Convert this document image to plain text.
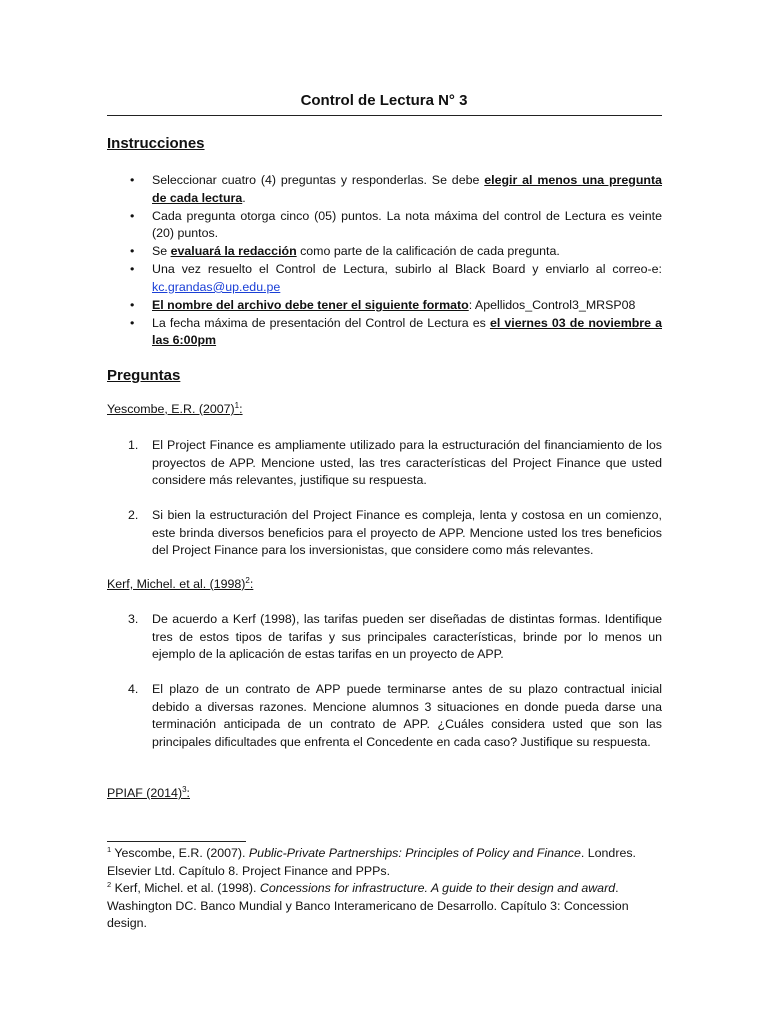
Control de Lectura N° 3
Instrucciones
• Seleccionar cuatro (4) preguntas y responderlas. Se debe elegir al menos una pregunta de cada lectura.
• Cada pregunta otorga cinco (05) puntos. La nota máxima del control de Lectura es veinte (20) puntos.
• Se evaluará la redacción como parte de la calificación de cada pregunta.
• Una vez resuelto el Control de Lectura, subirlo al Black Board y enviarlo al correo-e: kc.grandas@up.edu.pe
• El nombre del archivo debe tener el siguiente formato: Apellidos_Control3_MRSP08
• La fecha máxima de presentación del Control de Lectura es el viernes 03 de noviembre a las 6:00pm
Preguntas
Yescombe, E.R. $(2007)^1$:
1. El Project Finance es ampliamente utilizado para la estructuración del financiamiento de los proyectos de APP. Mencione usted, las tres características del Project Finance que usted considere más relevantes, justifique su respuesta.
2. Si bien la estructuración del Project Finance es compleja, lenta y costosa en un comienzo, este brinda diversos beneficios para el proyecto de APP. Mencione usted los tres beneficios del Project Finance para los inversionistas, que considere como más relevantes.
Kerf, Michel. et al. $(1998)^2$:
3. De acuerdo a Kerf (1998), las tarifas pueden ser diseñadas de distintas formas. Identifique tres de estos tipos de tarifas y sus principales características, brinde por lo menos un ejemplo de la aplicación de estas tarifas en un proyecto de APP.
4. El plazo de un contrato de APP puede terminarse antes de su plazo contractual inicial debido a diversas razones. Mencione alumnos 3 situaciones en donde pueda darse una terminación anticipada de un contrato de APP. ¿Cuáles considera usted que son las principales dificultades que enfrenta el Concedente en cada caso? Justifique su respuesta.
PPIAF $(2014)^3$:
$^1$ Yescombe, E.R. (2007). Public-Private Partnerships: Principles of Policy and Finance. Londres. Elsevier Ltd. Capítulo 8. Project Finance and PPPs.
$^2$ Kerf, Michel. et al. (1998). Concessions for infrastructure. A guide to their design and award. Washington DC. Banco Mundial y Banco Interamericano de Desarrollo. Capítulo 3: Concession design.
